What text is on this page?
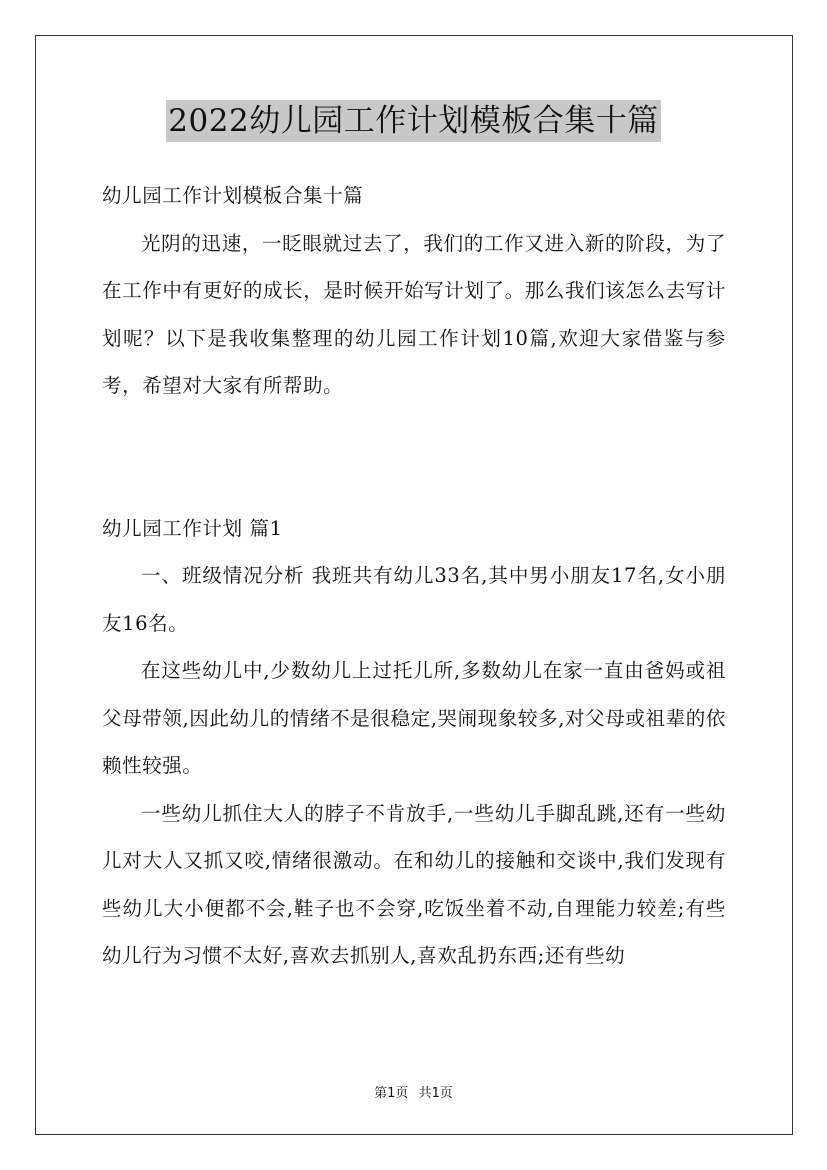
2022幼儿园工作计划模板合集十篇

幼儿园工作计划模板合集十篇

光阴的迅速，一眨眼就过去了，我们的工作又进入新的阶段，为了在工作中有更好的成长，是时候开始写计划了。那么我们该怎么去写计划呢？以下是我收集整理的幼儿园工作计划10篇,欢迎大家借鉴与参考，希望对大家有所帮助。

幼儿园工作计划 篇1

一、班级情况分析 我班共有幼儿33名,其中男小朋友17名,女小朋友16名。

在这些幼儿中,少数幼儿上过托儿所,多数幼儿在家一直由爸妈或祖父母带领,因此幼儿的情绪不是很稳定,哭闹现象较多,对父母或祖辈的依赖性较强。

一些幼儿抓住大人的脖子不肯放手,一些幼儿手脚乱跳,还有一些幼儿对大人又抓又咬,情绪很激动。在和幼儿的接触和交谈中,我们发现有些幼儿大小便都不会,鞋子也不会穿,吃饭坐着不动,自理能力较差;有些幼儿行为习惯不太好,喜欢去抓别人,喜欢乱扔东西;还有些幼

第1页 共1页
